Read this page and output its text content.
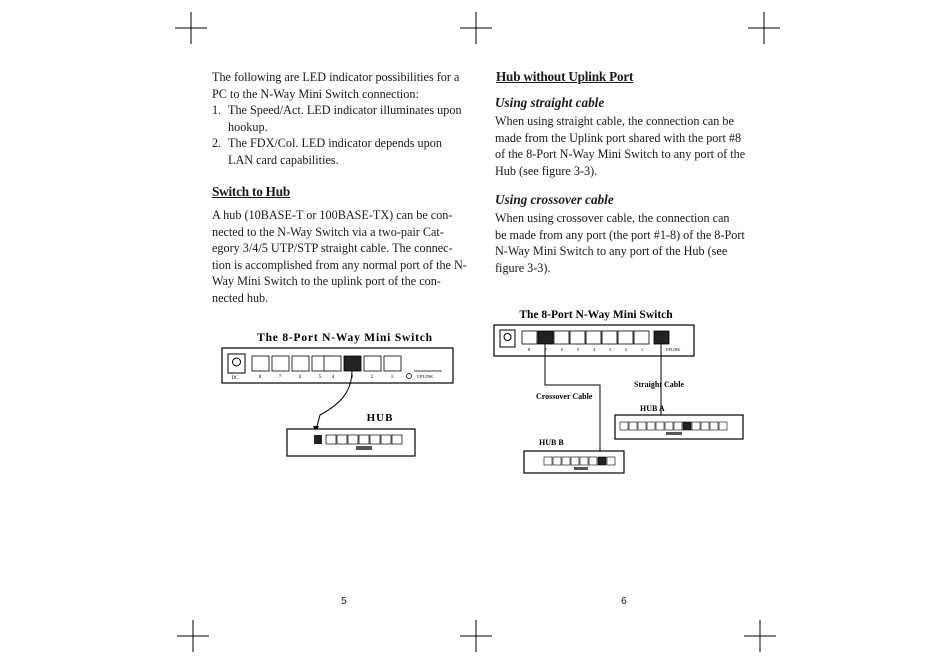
The following are LED indicator possibilities for a
PC to the N-Way Mini Switch connection:
1. The Speed/Act. LED indicator illuminates upon
hookup.
2. The FDX/Col. LED indicator depends upon
LAN card capabilities.
Switch to Hub
A hub (10BASE-T or 100BASE-TX) can be con-
nected to the N-Way Switch via a two-pair Cat-
egory 3/4/5 UTP/STP straight cable. The connec-
tion is accomplished from any normal port of the N-
Way Mini Switch to the uplink port of the con-
nected hub.
The 8-Port N-Way Mini Switch
DC	8	7	6	5 4	3	2	1	UPLINK
HUB
5
Hub without Uplink Port
Using straight cable
When using straight cable, the connection can be
made from the Uplink port shared with the port #8
of the 8-Port N-Way Mini Switch to any port of the
Hub (see figure 3-3).
Using crossover cable
When using crossover cable, the connection can
be made from any port (the port #1-8) of the 8-Port
N-Way Mini Switch to any port of the Hub (see
figure 3-3).
The 8-Port N-Way Mini Switch
8	7	6	5	4	3	2	1	UPLINK
Straight Cable
Crossover Cable
HUB A
HUB B
6
